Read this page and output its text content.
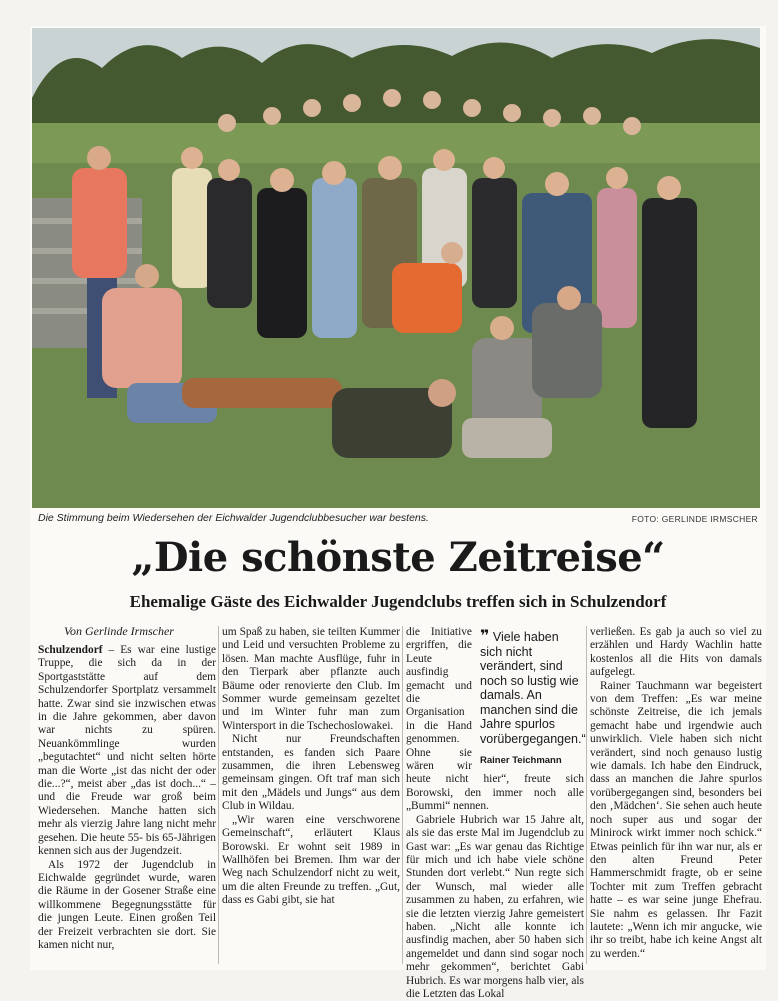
Die Stimmung beim Wiedersehen der Eichwalder Jugendclubbesucher war bestens.	FOTO: GERLINDE IRMSCHER
„Die schönste Zeitreise“
Ehemalige Gäste des Eichwalder Jugendclubs treffen sich in Schulzendorf
Von Gerlinde Irmscher

Schulzendorf – Es war eine lustige Truppe, die sich da in der Sportgaststätte auf dem Schulzendorfer Sportplatz versammelt hatte. Zwar sind sie inzwischen etwas in die Jahre gekommen, aber davon war nichts zu spüren. Neuankömmlinge wurden „begutachtet“ und nicht selten hörte man die Worte „ist das nicht der oder die...?“, meist aber „das ist doch...“ – und die Freude war groß beim Wiedersehen. Manche hatten sich mehr als vierzig Jahre lang nicht mehr gesehen. Die heute 55- bis 65-Jährigen kennen sich aus der Jugendzeit.

Als 1972 der Jugendclub in Eichwalde gegründet wurde, waren die Räume in der Gosener Straße eine willkommene Begegnungsstätte für die jungen Leute. Einen großen Teil der Freizeit verbrachten sie dort. Sie kamen nicht nur,

um Spaß zu haben, sie teilten Kummer und Leid und versuchten Probleme zu lösen. Man machte Ausflüge, fuhr in den Tierpark aber pflanzte auch Bäume oder renovierte den Club. Im Sommer wurde gemeinsam gezeltet und im Winter fuhr man zum Wintersport in die Tschechoslowakei.

Nicht nur Freundschaften entstanden, es fanden sich Paare zusammen, die ihren Lebensweg gemeinsam gingen. Oft traf man sich mit den „Mädels und Jungs“ aus dem Club in Wildau.

„Wir waren eine verschworene Gemeinschaft“, erläutert Klaus Borowski. Er wohnt seit 1989 in Wallhöfen bei Bremen. Ihm war der Weg nach Schulzendorf nicht zu weit, um die alten Freunde zu treffen. „Gut, dass es Gabi gibt, sie hat

❞ Viele haben sich nicht verändert, sind noch so lustig wie damals. An manchen sind die Jahre spurlos vorübergegangen.“
Rainer Teichmann

die Initiative ergriffen, die Leute ausfindig gemacht und die Organisation in die Hand genommen. Ohne sie wären wir heute nicht hier“, freute sich Borowski, den immer noch alle „Bummi“ nennen.

Gabriele Hubrich war 15 Jahre alt, als sie das erste Mal im Jugendclub zu Gast war: „Es war genau das Richtige für mich und ich habe viele schöne Stunden dort verlebt.“ Nun regte sich der Wunsch, mal wieder alle zusammen zu haben, zu erfahren, wie sie die letzten vierzig Jahre gemeistert haben. „Nicht alle konnte ich ausfindig machen, aber 50 haben sich angemeldet und dann sind sogar noch mehr gekommen“, berichtet Gabi Hubrich. Es war morgens halb vier, als die Letzten das Lokal

verließen. Es gab ja auch so viel zu erzählen und Hardy Wachlin hatte kostenlos all die Hits von damals aufgelegt.

Rainer Tauchmann war begeistert von dem Treffen: „Es war meine schönste Zeitreise, die ich jemals gemacht habe und irgendwie auch unwirklich. Viele haben sich nicht verändert, sind noch genauso lustig wie damals. Ich habe den Eindruck, dass an manchen die Jahre spurlos vorübergegangen sind, besonders bei den ‚Mädchen‘. Sie sehen auch heute noch super aus und sogar der Minirock wirkt immer noch schick.“ Etwas peinlich für ihn war nur, als er den alten Freund Peter Hammerschmidt fragte, ob er seine Tochter mit zum Treffen gebracht hatte – es war seine junge Ehefrau. Sie nahm es gelassen. Ihr Fazit lautete: „Wenn ich mir angucke, wie ihr so treibt, habe ich keine Angst alt zu werden.“
